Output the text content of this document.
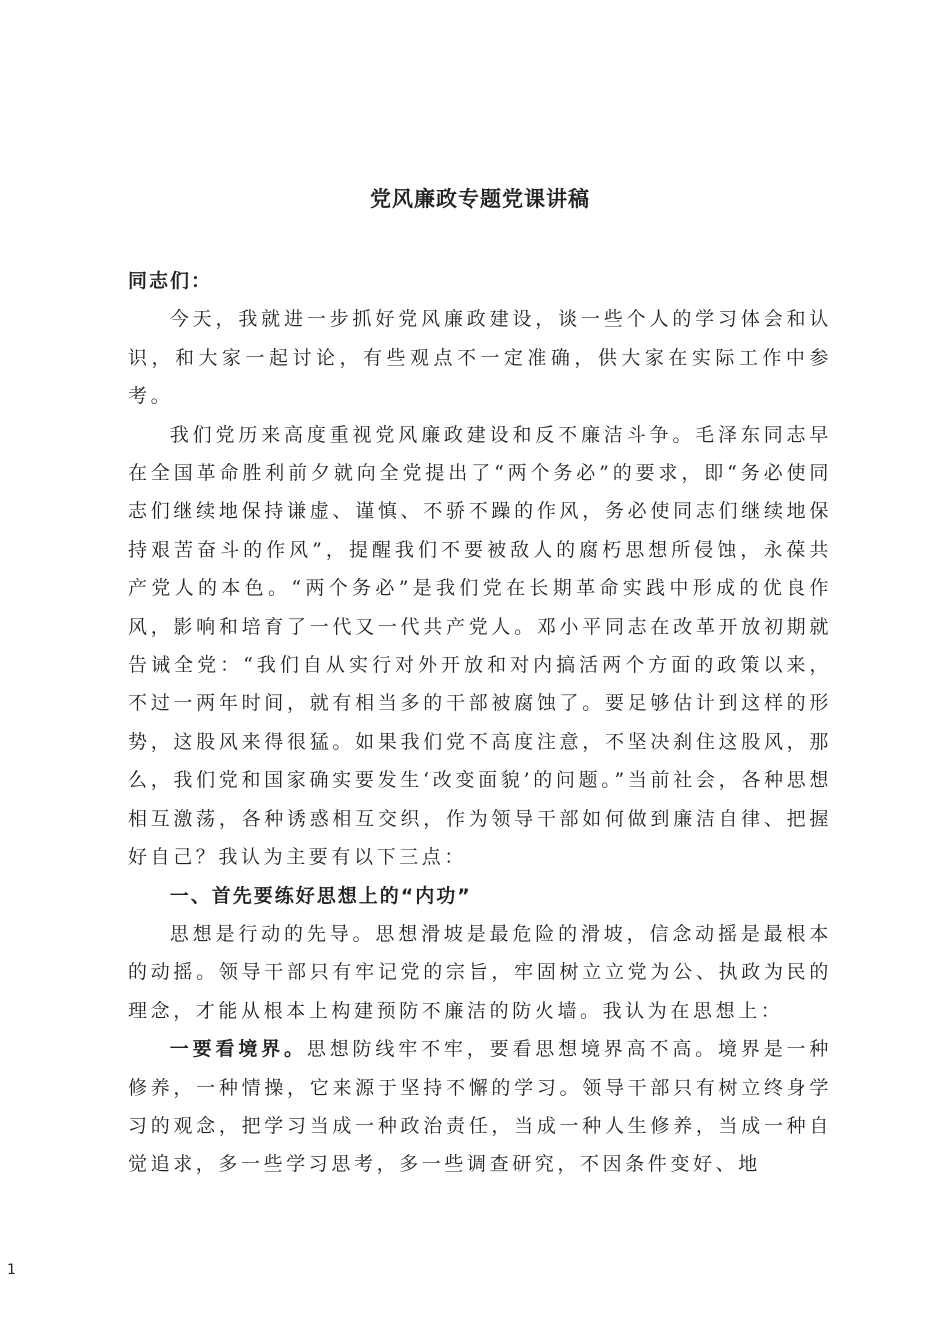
党风廉政专题党课讲稿

同志们：

今天，我就进一步抓好党风廉政建设，谈一些个人的学习体会和认识，和大家一起讨论，有些观点不一定准确，供大家在实际工作中参考。

我们党历来高度重视党风廉政建设和反不廉洁斗争。毛泽东同志早在全国革命胜利前夕就向全党提出了“两个务必”的要求，即“务必使同志们继续地保持谦虚、谨慎、不骄不躁的作风，务必使同志们继续地保持艰苦奋斗的作风”，提醒我们不要被敌人的腐朽思想所侵蚀，永葆共产党人的本色。“两个务必”是我们党在长期革命实践中形成的优良作风，影响和培育了一代又一代共产党人。邓小平同志在改革开放初期就告诫全党：“我们自从实行对外开放和对内搞活两个方面的政策以来，不过一两年时间，就有相当多的干部被腐蚀了。要足够估计到这样的形势，这股风来得很猛。如果我们党不高度注意，不坚决刹住这股风，那么，我们党和国家确实要发生‘改变面貌’的问题。”当前社会，各种思想相互激荡，各种诱惑相互交织，作为领导干部如何做到廉洁自律、把握好自己？我认为主要有以下三点：

一、首先要练好思想上的“内功”

思想是行动的先导。思想滑坡是最危险的滑坡，信念动摇是最根本的动摇。领导干部只有牢记党的宗旨，牢固树立立党为公、执政为民的理念，才能从根本上构建预防不廉洁的防火墙。我认为在思想上：

一要看境界。思想防线牢不牢，要看思想境界高不高。境界是一种修养，一种情操，它来源于坚持不懈的学习。领导干部只有树立终身学习的观念，把学习当成一种政治责任，当成一种人生修养，当成一种自觉追求，多一些学习思考，多一些调查研究，不因条件变好、地

1
